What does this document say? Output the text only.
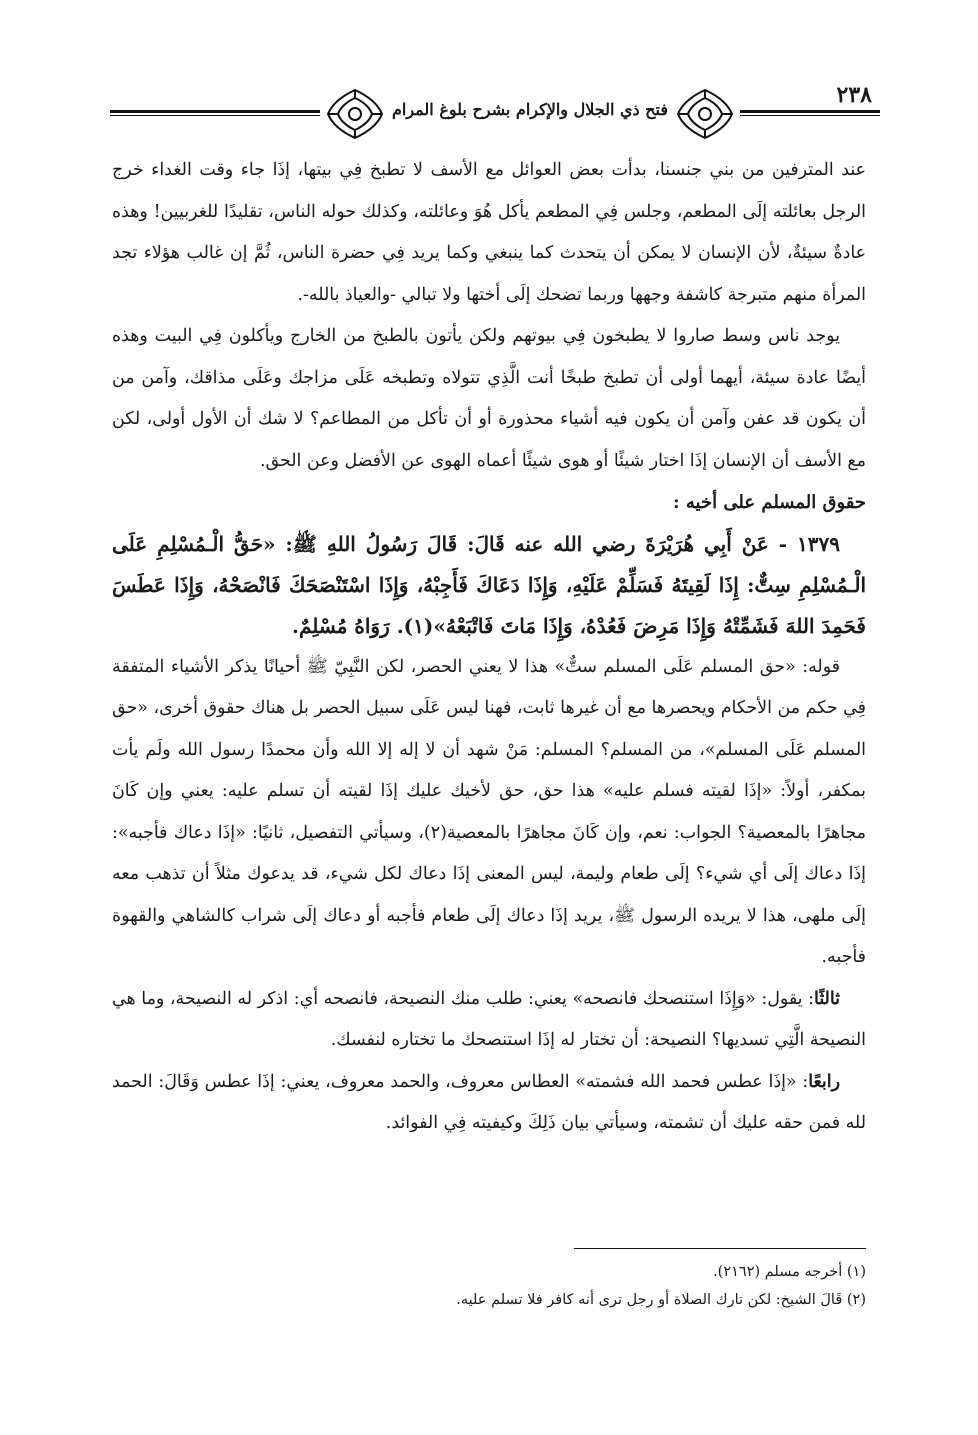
٢٣٨
فتح ذي الجلال والإكرام بشرح بلوغ المرام

عند المترفين من بني جنسنا، بدأت بعض العوائل مع الأسف لا تطبخ فِي بيتها، إذَا جاء وقت الغداء خرج الرجل بعائلته إلَى المطعم، وجلس فِي المطعم يأكل هُوَ وعائلته، وكذلك حوله الناس، تقليدًا للغربيين! وهذه عادةٌ سيئةٌ، لأن الإنسان لا يمكن أن يتحدث كما ينبغي وكما يريد فِي حضرة الناس، ثُمَّ إن غالب هؤلاء تجد المرأة منهم متبرجة كاشفة وجهها وربما تضحك إلَى أختها ولا تبالي -والعياذ بالله-.

يوجد ناس وسط صاروا لا يطبخون فِي بيوتهم ولكن يأتون بالطبخ من الخارج ويأكلون فِي البيت وهذه أيضًا عادة سيئة، أيهما أولى أن تطبخ طبخًا أنت الَّذِي تتولاه وتطبخه عَلَى مزاجك وعَلَى مذاقك، وآمن من أن يكون قد عفن وآمن أن يكون فيه أشياء محذورة أو أن تأكل من المطاعم؟ لا شك أن الأول أولى، لكن مع الأسف أن الإنسان إذَا اختار شيئًا أو هوى شيئًا أعماه الهوى عن الأفضل وعن الحق.

حقوق المسلم على أخيه :

١٣٧٩ - عَنْ أَبِي هُرَيْرَةَ رضي الله عنه قَالَ: قَالَ رَسُولُ اللهِ ﷺ: «حَقُّ الْـمُسْلِمِ عَلَى الْـمُسْلِمِ سِتٌّ: إِذَا لَقِيتَهُ فَسَلِّمْ عَلَيْهِ، وَإِذَا دَعَاكَ فَأَجِبْهُ، وَإِذَا اسْتَنْصَحَكَ فَانْصَحْهُ، وَإِذَا عَطَسَ فَحَمِدَ اللهَ فَشَمِّتْهُ وَإِذَا مَرِضَ فَعُدْهُ، وَإِذَا مَاتَ فَاتْبَعْهُ»(١). رَوَاهُ مُسْلِمٌ.

قوله: «حق المسلم عَلَى المسلم ستٌّ» هذا لا يعني الحصر، لكن النَّبِيّ ﷺ أحيانًا يذكر الأشياء المتفقة فِي حكم من الأحكام ويحصرها مع أن غيرها ثابت، فهنا ليس عَلَى سبيل الحصر بل هناك حقوق أخرى، «حق المسلم عَلَى المسلم»، من المسلم؟ المسلم: مَنْ شهد أن لا إله إلا الله وأن محمدًا رسول الله ولَم يأت بمكفر، أولاً: «إذَا لقيته فسلم عليه» هذا حق، حق لأخيك عليك إذَا لقيته أن تسلم عليه: يعني وإن كَانَ مجاهرًا بالمعصية؟ الجواب: نعم، وإن كَانَ مجاهرًا بالمعصية(٢)، وسيأتي التفصيل، ثانيًا: «إذَا دعاك فأجبه»: إذَا دعاك إلَى أي شيء؟ إلَى طعام وليمة، ليس المعنى إذَا دعاك لكل شيء، قد يدعوك مثلاً أن تذهب معه إلَى ملهى، هذا لا يريده الرسول ﷺ، يريد إذَا دعاك إلَى طعام فأجبه أو دعاك إلَى شراب كالشاهي والقهوة فأجبه.

ثالثًا: يقول: «وَإِذَا استنصحك فانصحه» يعني: طلب منك النصيحة، فانصحه أي: اذكر له النصيحة، وما هي النصيحة الَّتِي تسديها؟ النصيحة: أن تختار له إذَا استنصحك ما تختاره لنفسك.

رابعًا: «إذَا عطس فحمد الله فشمته» العطاس معروف، والحمد معروف، يعني: إذَا عطس وَقَالَ: الحمد لله فمن حقه عليك أن تشمته، وسيأتي بيان ذَلِكَ وكيفيته فِي الفوائد.

(١) أخرجه مسلم (٢١٦٢).

(٢) قَالَ الشيخ: لكن تارك الصلاة أو رجل ترى أنه كافر فلا تسلم عليه.
